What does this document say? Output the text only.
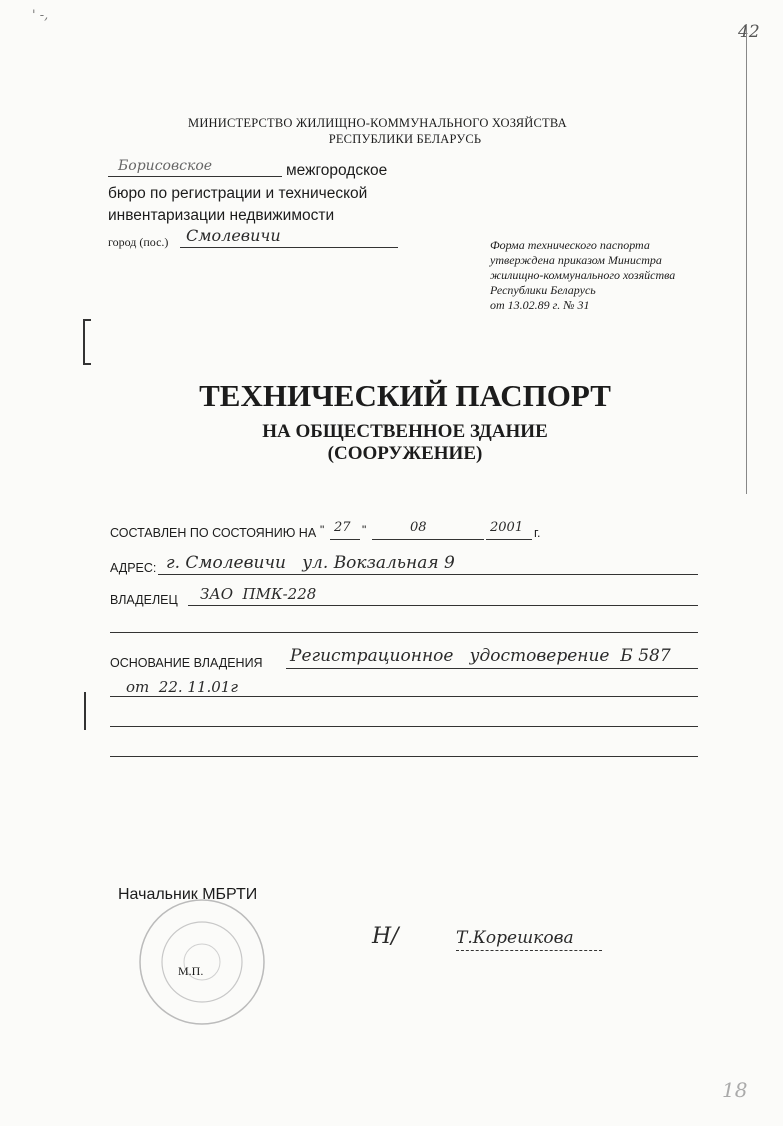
' -,
42
18
МИНИСТЕРСТВО ЖИЛИЩНО-КОММУНАЛЬНОГО ХОЗЯЙСТВА
РЕСПУБЛИКИ БЕЛАРУСЬ
Борисовское	межгородское
бюро по регистрации и технической
инвентаризации недвижимости
город (пос.) Смолевичи	Форма технического паспорта
утверждена приказом Министра
жилищно-коммунального хозяйства
Республики Беларусь
от 13.02.89 г. № 31
ТЕХНИЧЕСКИЙ ПАСПОРТ
НА ОБЩЕСТВЕННОЕ ЗДАНИЕ
(СООРУЖЕНИЕ)
СОСТАВЛЕН ПО СОСТОЯНИЮ НА " 27 "	08	2001 г.
АДРЕС: г. Смолевичи   ул. Вокзальная 9
ВЛАДЕЛЕЦ ЗАО  ПМК-228
ОСНОВАНИЕ ВЛАДЕНИЯ Регистрационное   удостоверение  Б 587
от  22. 11.01г
Начальник МБРТИ
М.П.
Н/	Т.Корешкова
